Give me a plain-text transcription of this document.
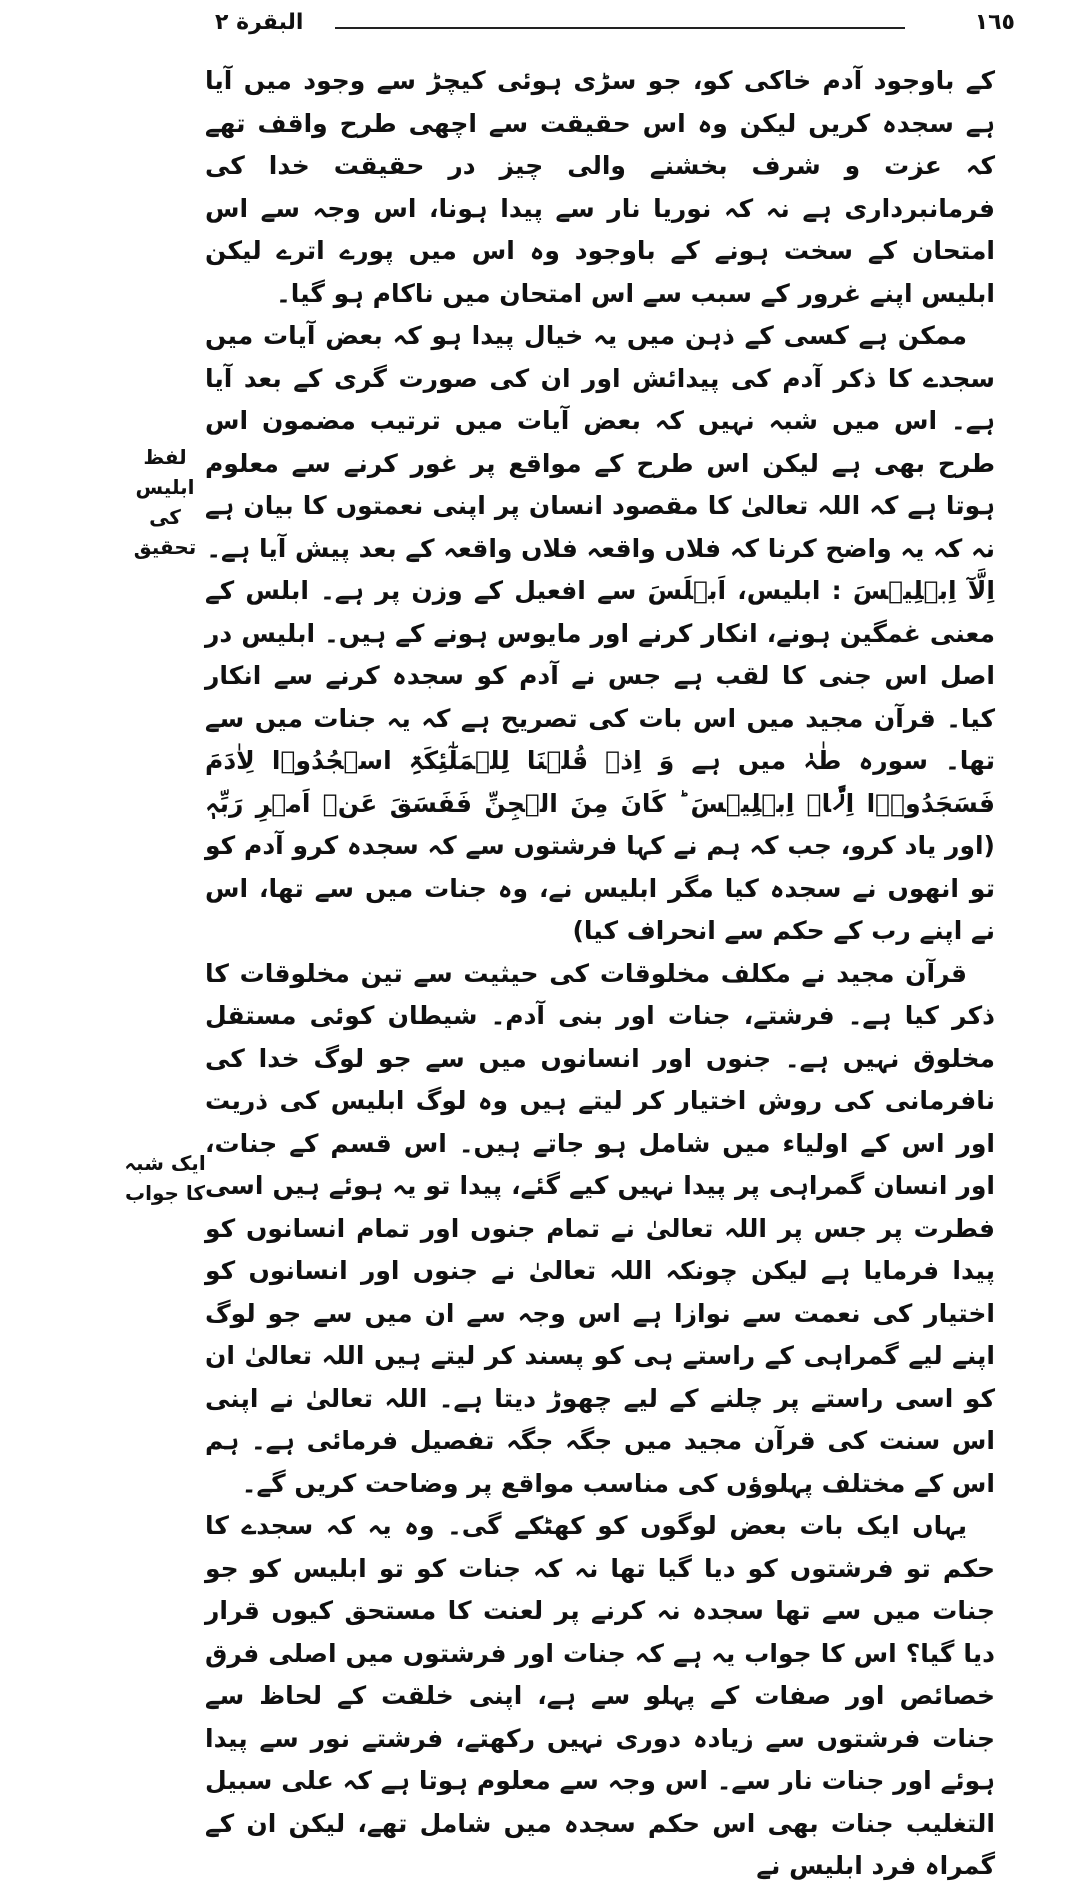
۱٦٥
البقرة ۲
لفظ ابلیس کی تحقیق
ایک شبہ کا جواب

کے باوجود آدم خاکی کو، جو سڑی ہوئی کیچڑ سے وجود میں آیا ہے سجدہ کریں لیکن وہ اس حقیقت سے اچھی طرح واقف تھے کہ عزت و شرف بخشنے والی چیز در حقیقت خدا کی فرمانبرداری ہے نہ کہ نوریا نار سے پیدا ہونا، اس وجہ سے اس امتحان کے سخت ہونے کے باوجود وہ اس میں پورے اترے لیکن ابلیس اپنے غرور کے سبب سے اس امتحان میں ناکام ہو گیا۔

ممکن ہے کسی کے ذہن میں یہ خیال پیدا ہو کہ بعض آیات میں سجدے کا ذکر آدم کی پیدائش اور ان کی صورت گری کے بعد آیا ہے۔ اس میں شبہ نہیں کہ بعض آیات میں ترتیب مضمون اس طرح بھی ہے لیکن اس طرح کے مواقع پر غور کرنے سے معلوم ہوتا ہے کہ اللہ تعالیٰ کا مقصود انسان پر اپنی نعمتوں کا بیان ہے نہ کہ یہ واضح کرنا کہ فلاں واقعہ فلاں واقعہ کے بعد پیش آیا ہے۔

اِلَّآ اِبۡلِیۡسَ : ابلیس، اَبۡلَسَ سے افعیل کے وزن پر ہے۔ ابلس کے معنی غمگین ہونے، انکار کرنے اور مایوس ہونے کے ہیں۔ ابلیس در اصل اس جنی کا لقب ہے جس نے آدم کو سجدہ کرنے سے انکار کیا۔ قرآن مجید میں اس بات کی تصریح ہے کہ یہ جنات میں سے تھا۔ سورہ طٰہٰ میں ہے وَ اِذۡ قُلۡنَا لِلۡمَلٰٓئِکَۃِ اسۡجُدُوۡا لِاٰدَمَ فَسَجَدُوۡۤا اِلَّاۤ اِبۡلِیۡسَ ؕ کَانَ مِنَ الۡجِنِّ فَفَسَقَ عَنۡ اَمۡرِ رَبِّہٖ (اور یاد کرو، جب کہ ہم نے کہا فرشتوں سے کہ سجدہ کرو آدم کو تو انھوں نے سجدہ کیا مگر ابلیس نے، وہ جنات میں سے تھا، اس نے اپنے رب کے حکم سے انحراف کیا)

قرآن مجید نے مکلف مخلوقات کی حیثیت سے تین مخلوقات کا ذکر کیا ہے۔ فرشتے، جنات اور بنی آدم۔ شیطان کوئی مستقل مخلوق نہیں ہے۔ جنوں اور انسانوں میں سے جو لوگ خدا کی نافرمانی کی روش اختیار کر لیتے ہیں وہ لوگ ابلیس کی ذریت اور اس کے اولیاء میں شامل ہو جاتے ہیں۔ اس قسم کے جنات، اور انسان گمراہی پر پیدا نہیں کیے گئے، پیدا تو یہ ہوئے ہیں اسی فطرت پر جس پر اللہ تعالیٰ نے تمام جنوں اور تمام انسانوں کو پیدا فرمایا ہے لیکن چونکہ اللہ تعالیٰ نے جنوں اور انسانوں کو اختیار کی نعمت سے نوازا ہے اس وجہ سے ان میں سے جو لوگ اپنے لیے گمراہی کے راستے ہی کو پسند کر لیتے ہیں اللہ تعالیٰ ان کو اسی راستے پر چلنے کے لیے چھوڑ دیتا ہے۔ اللہ تعالیٰ نے اپنی اس سنت کی قرآن مجید میں جگہ جگہ تفصیل فرمائی ہے۔ ہم اس کے مختلف پہلوؤں کی مناسب مواقع پر وضاحت کریں گے۔

یہاں ایک بات بعض لوگوں کو کھٹکے گی۔ وہ یہ کہ سجدے کا حکم تو فرشتوں کو دیا گیا تھا نہ کہ جنات کو تو ابلیس کو جو جنات میں سے تھا سجدہ نہ کرنے پر لعنت کا مستحق کیوں قرار دیا گیا؟ اس کا جواب یہ ہے کہ جنات اور فرشتوں میں اصلی فرق خصائص اور صفات کے پہلو سے ہے، اپنی خلقت کے لحاظ سے جنات فرشتوں سے زیادہ دوری نہیں رکھتے، فرشتے نور سے پیدا ہوئے اور جنات نار سے۔ اس وجہ سے معلوم ہوتا ہے کہ علی سبیل التغلیب جنات بھی اس حکم سجدہ میں شامل تھے، لیکن ان کے گمراہ فرد ابلیس نے
